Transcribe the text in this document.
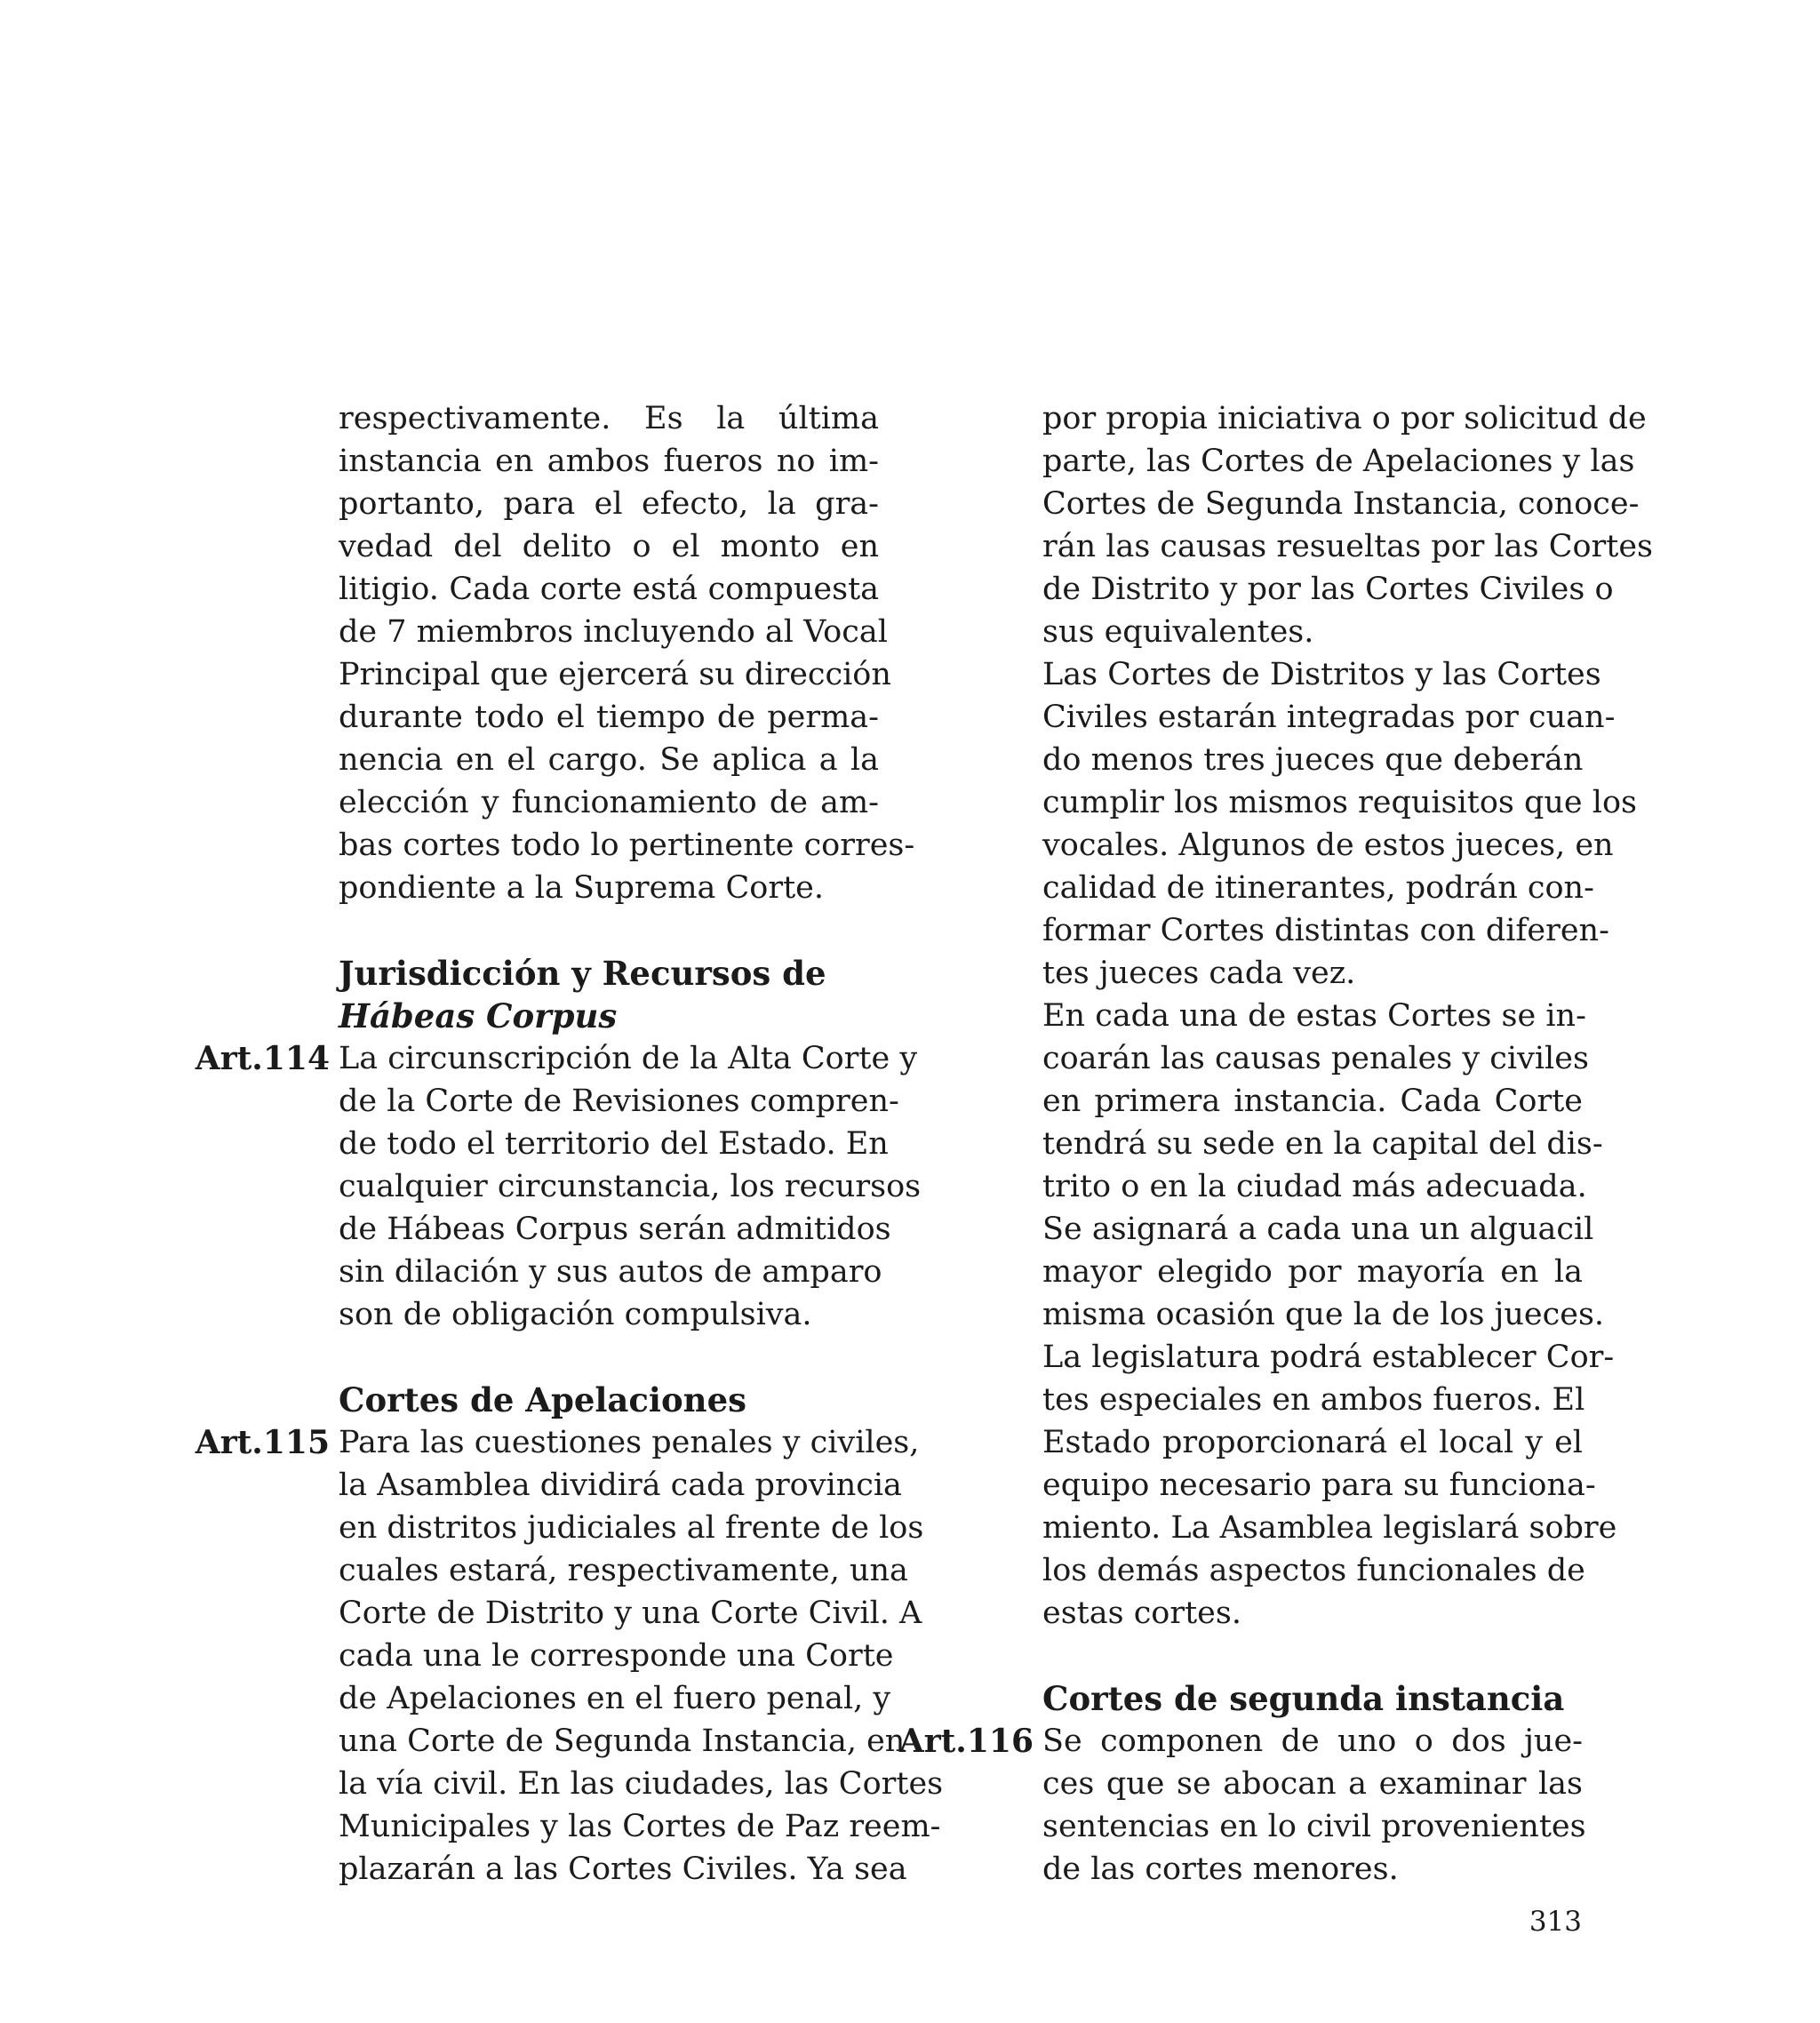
respectivamente. Es la última
instancia en ambos fueros no im-
portanto, para el efecto, la gra-
vedad del delito o el monto en
litigio. Cada corte está compuesta
de 7 miembros incluyendo al Vocal
Principal que ejercerá su dirección
durante todo el tiempo de perma-
nencia en el cargo. Se aplica a la
elección y funcionamiento de am-
bas cortes todo lo pertinente corres-
pondiente a la Suprema Corte.
Jurisdicción y Recursos de
Hábeas Corpus
Art.114 La circunscripción de la Alta Corte y
de la Corte de Revisiones compren-
de todo el territorio del Estado. En
cualquier circunstancia, los recursos
de Hábeas Corpus serán admitidos
sin dilación y sus autos de amparo
son de obligación compulsiva.
Cortes de Apelaciones
Art.115 Para las cuestiones penales y civiles,
la Asamblea dividirá cada provincia
en distritos judiciales al frente de los
cuales estará, respectivamente, una
Corte de Distrito y una Corte Civil. A
cada una le corresponde una Corte
de Apelaciones en el fuero penal, y
una Corte de Segunda Instancia, en
la vía civil. En las ciudades, las Cortes
Municipales y las Cortes de Paz reem-
plazarán a las Cortes Civiles. Ya sea
por propia iniciativa o por solicitud de
parte, las Cortes de Apelaciones y las
Cortes de Segunda Instancia, conoce-
rán las causas resueltas por las Cortes
de Distrito y por las Cortes Civiles o
sus equivalentes.
Las Cortes de Distritos y las Cortes
Civiles estarán integradas por cuan-
do menos tres jueces que deberán
cumplir los mismos requisitos que los
vocales. Algunos de estos jueces, en
calidad de itinerantes, podrán con-
formar Cortes distintas con diferen-
tes jueces cada vez.
En cada una de estas Cortes se in-
coarán las causas penales y civiles
en primera instancia. Cada Corte
tendrá su sede en la capital del dis-
trito o en la ciudad más adecuada.
Se asignará a cada una un alguacil
mayor elegido por mayoría en la
misma ocasión que la de los jueces.
La legislatura podrá establecer Cor-
tes especiales en ambos fueros. El
Estado proporcionará el local y el
equipo necesario para su funciona-
miento. La Asamblea legislará sobre
los demás aspectos funcionales de
estas cortes.
Cortes de segunda instancia
Art.116 Se componen de uno o dos jue-
ces que se abocan a examinar las
sentencias en lo civil provenientes
de las cortes menores.
313
